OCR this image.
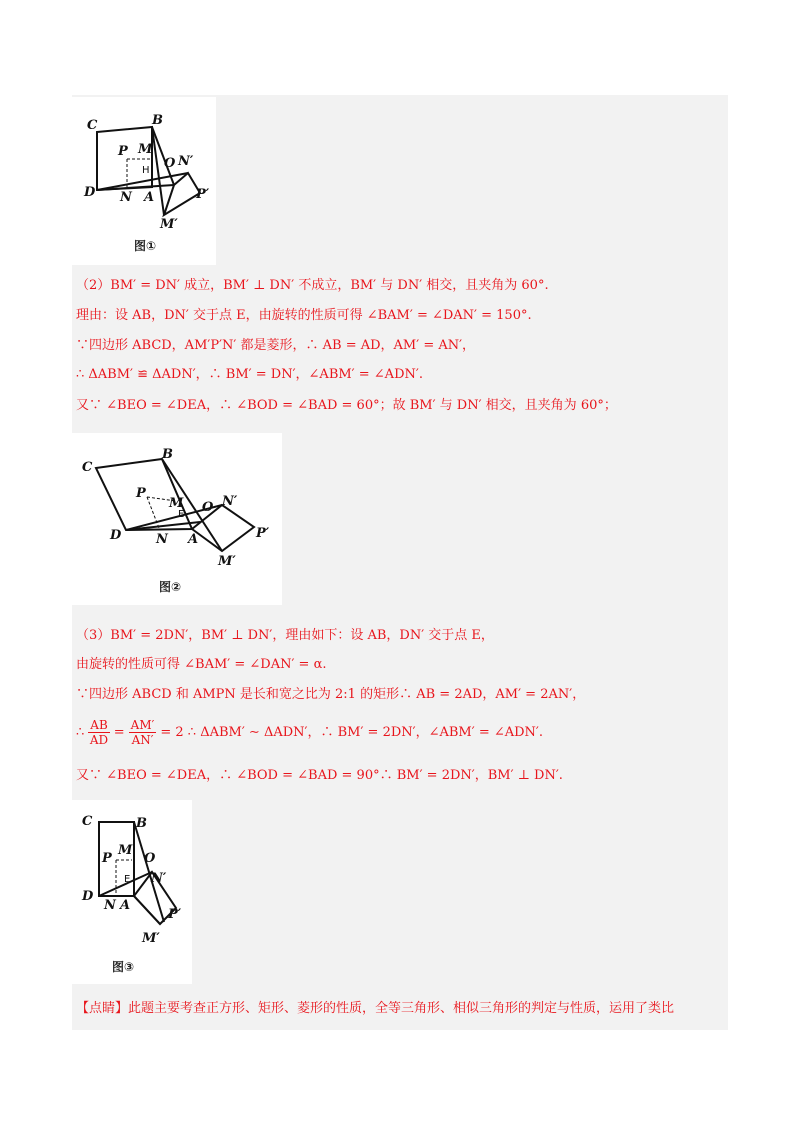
C	B
P M
O N′
H
D N A	P′
M′
图①
（2）BM′ = DN′ 成立，BM′ ⊥ DN′ 不成立，BM′ 与 DN′ 相交，且夹角为 60°.
理由：设 AB，DN′ 交于点 E，由旋转的性质可得 ∠BAM′ = ∠DAN′ = 150°.
∵四边形 ABCD，AM′P′N′ 都是菱形，∴ AB = AD，AM′ = AN′，
∴ ΔABM′ ≌ ΔADN′，∴ BM′ = DN′，∠ABM′ = ∠ADN′.
又∵ ∠BEO = ∠DEA，∴ ∠BOD = ∠BAD = 60°；故 BM′ 与 DN′ 相交，且夹角为 60°；
C
B
P
M
E O N′
D	N A	P′
M′
图②
（3）BM′ = 2DN′，BM′ ⊥ DN′，理由如下：设 AB，DN′ 交于点 E，
由旋转的性质可得 ∠BAM′ = ∠DAN′ = α.
∵四边形 ABCD 和 AMPN 是长和宽之比为 2:1 的矩形∴ AB = 2AD，AM′ = 2AN′，
∴ $\frac{AB}{AD} = \frac{AM'}{AN'} = 2$ ∴ ΔABM′ ∼ ΔADN′，∴ BM′ = 2DN′，∠ABM′ = ∠ADN′.
又∵ ∠BEO = ∠DEA，∴ ∠BOD = ∠BAD = 90°∴ BM′ = 2DN′，BM′ ⊥ DN′.
C	B
P
M
O
E N′
D
N A
P′
M′
图③
【点睛】此题主要考查正方形、矩形、菱形的性质，全等三角形、相似三角形的判定与性质，运用了类比
